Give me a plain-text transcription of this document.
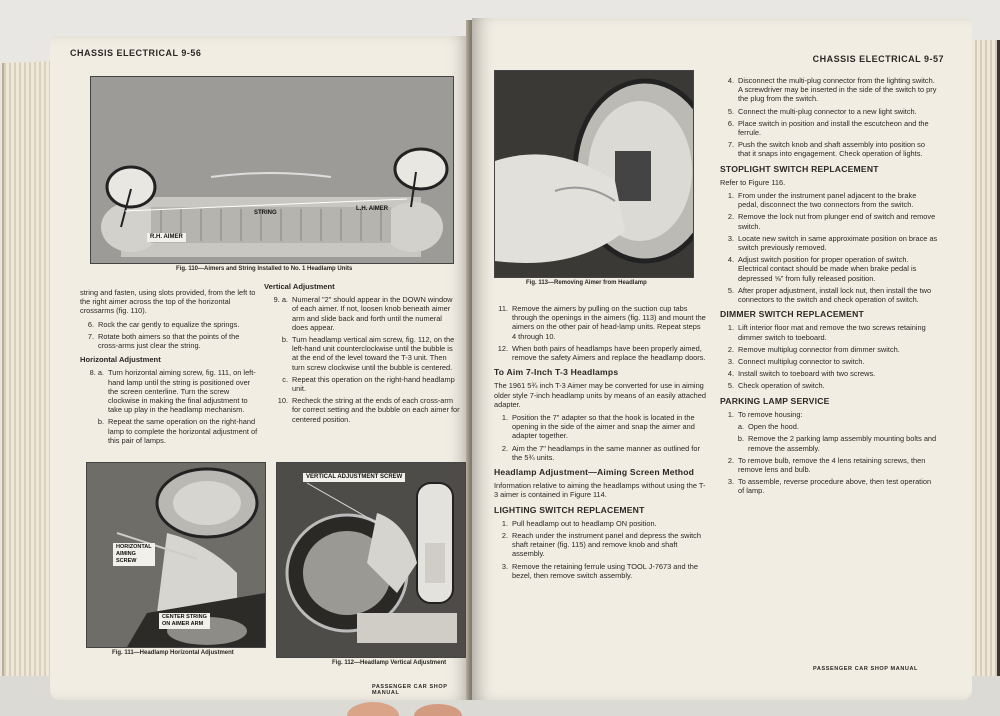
CHASSIS ELECTRICAL 9-56
R.H. AIMER
STRING
L.H. AIMER
Fig. 110—Aimers and String Installed to No. 1 Headlamp Units

string and fasten, using slots provided, from the left to the right aimer across the top of the horizontal crossarms (fig. 110).

6. Rock the car gently to equalize the springs.
7. Rotate both aimers so that the points of the cross-arms just clear the string.
Horizontal Adjustment
8. a. Turn horizontal aiming screw, fig. 111, on left-hand lamp until the string is positioned over the screen centerline. Turn the screw clockwise in making the final adjustment to take up play in the headlamp mechanism.
b. Repeat the same operation on the right-hand lamp to complete the horizontal adjustment of this pair of lamps.
Vertical Adjustment
9. a. Numeral "2" should appear in the DOWN window of each aimer. If not, loosen knob beneath aimer arm and slide back and forth until the numeral does appear.
b. Turn headlamp vertical aim screw, fig. 112, on the left-hand unit counterclockwise until the bubble is at the end of the level toward the T-3 unit. Then turn screw clockwise until the bubble is centered.
c. Repeat this operation on the right-hand headlamp unit.
10. Recheck the string at the ends of each cross-arm for correct setting and the bubble on each aimer for centered position.
HORIZONTAL
AIMING
SCREW
CENTER STRING
ON AIMER ARM
Fig. 111—Headlamp Horizontal Adjustment
VERTICAL ADJUSTMENT SCREW
Fig. 112—Headlamp Vertical Adjustment
PASSENGER CAR SHOP MANUAL
CHASSIS ELECTRICAL 9-57
Fig. 113—Removing Aimer from Headlamp
11. Remove the aimers by pulling on the suction cup tabs through the openings in the aimers (fig. 113) and mount the aimers on the other pair of head-lamp units. Repeat steps 4 through 10.
12. When both pairs of headlamps have been properly aimed, remove the safety Aimers and replace the headlamp doors.
To Aim 7-Inch T-3 Headlamps

The 1961 5¾ inch T-3 Aimer may be converted for use in aiming older style 7-inch headlamp units by means of an easily attached adapter.

1. Position the 7" adapter so that the hook is located in the opening in the side of the aimer and snap the aimer and adapter together.
2. Aim the 7" headlamps in the same manner as outlined for the 5¾ units.
Headlamp Adjustment—Aiming Screen Method

Information relative to aiming the headlamps without using the T-3 aimer is contained in Figure 114.

LIGHTING SWITCH REPLACEMENT
1. Pull headlamp out to headlamp ON position.
2. Reach under the instrument panel and depress the switch shaft retainer (fig. 115) and remove knob and shaft assembly.
3. Remove the retaining ferrule using TOOL J-7673 and the bezel, then remove switch assembly.
4. Disconnect the multi-plug connector from the lighting switch. A screwdriver may be inserted in the side of the switch to pry the plug from the switch.
5. Connect the multi-plug connector to a new light switch.
6. Place switch in position and install the escutcheon and the ferrule.
7. Push the switch knob and shaft assembly into position so that it snaps into engagement. Check operation of lights.
STOPLIGHT SWITCH REPLACEMENT

Refer to Figure 116.

1. From under the instrument panel adjacent to the brake pedal, disconnect the two connectors from the switch.
2. Remove the lock nut from plunger end of switch and remove switch.
3. Locate new switch in same approximate position on brace as switch previously removed.
4. Adjust switch position for proper operation of switch. Electrical contact should be made when brake pedal is depressed ⅝" from fully released position.
5. After proper adjustment, install lock nut, then install the two connectors to the switch and check operation of switch.
DIMMER SWITCH REPLACEMENT
1. Lift interior floor mat and remove the two screws retaining dimmer switch to toeboard.
2. Remove multiplug connector from dimmer switch.
3. Connect multiplug connector to switch.
4. Install switch to toeboard with two screws.
5. Check operation of switch.
PARKING LAMP SERVICE
1. To remove housing:
a. Open the hood.
b. Remove the 2 parking lamp assembly mounting bolts and remove the assembly.
2. To remove bulb, remove the 4 lens retaining screws, then remove lens and bulb.
3. To assemble, reverse procedure above, then test operation of lamp.
PASSENGER CAR SHOP MANUAL
